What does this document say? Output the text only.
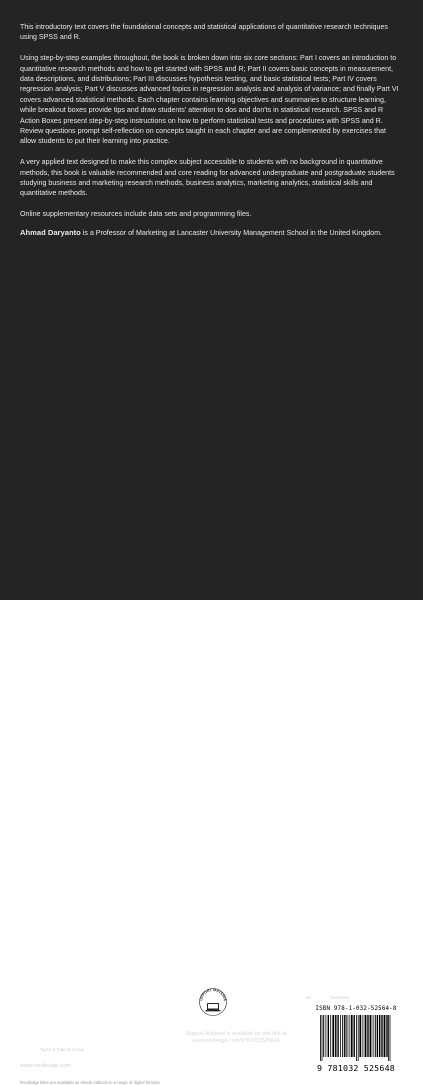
This introductory text covers the foundational concepts and statistical applications of quantitative research techniques using SPSS and R.

Using step-by-step examples throughout, the book is broken down into six core sections: Part I covers an introduction to quantitative research methods and how to get started with SPSS and R; Part II covers basic concepts in measurement, data descriptions, and distributions; Part III discusses hypothesis testing, and basic statistical tests; Part IV covers regression analysis; Part V discusses advanced topics in regression analysis and analysis of variance; and finally Part VI covers advanced statistical methods. Each chapter contains learning objectives and summaries to structure learning, while breakout boxes provide tips and draw students' attention to dos and don'ts in statistical research. SPSS and R Action Boxes present step-by-step instructions on how to perform statistical tests and procedures with SPSS and R. Review questions prompt self-reflection on concepts taught in each chapter and are complemented by exercises that allow students to put their learning into practice.

A very applied text designed to make this complex subject accessible to students with no background in quantitative methods, this book is valuable recommended and core reading for advanced undergraduate and postgraduate students studying business and marketing research methods, business analytics, marketing analytics, statistical skills and quantitative methods.

Online supplementary resources include data sets and programming files.

Ahmad Daryanto is a Professor of Marketing at Lancaster University Management School in the United Kingdom.

UPPORT MATERIA
Support Material is available for this title at
www.routledge.com/9781032525648
an informa business
ISBN 978-1-032-52564-8
9 781032 525648
Routledge
Taylor & Francis Group
www.routledge.com
Routledge titles are available as eBook editions in a range of digital formats
